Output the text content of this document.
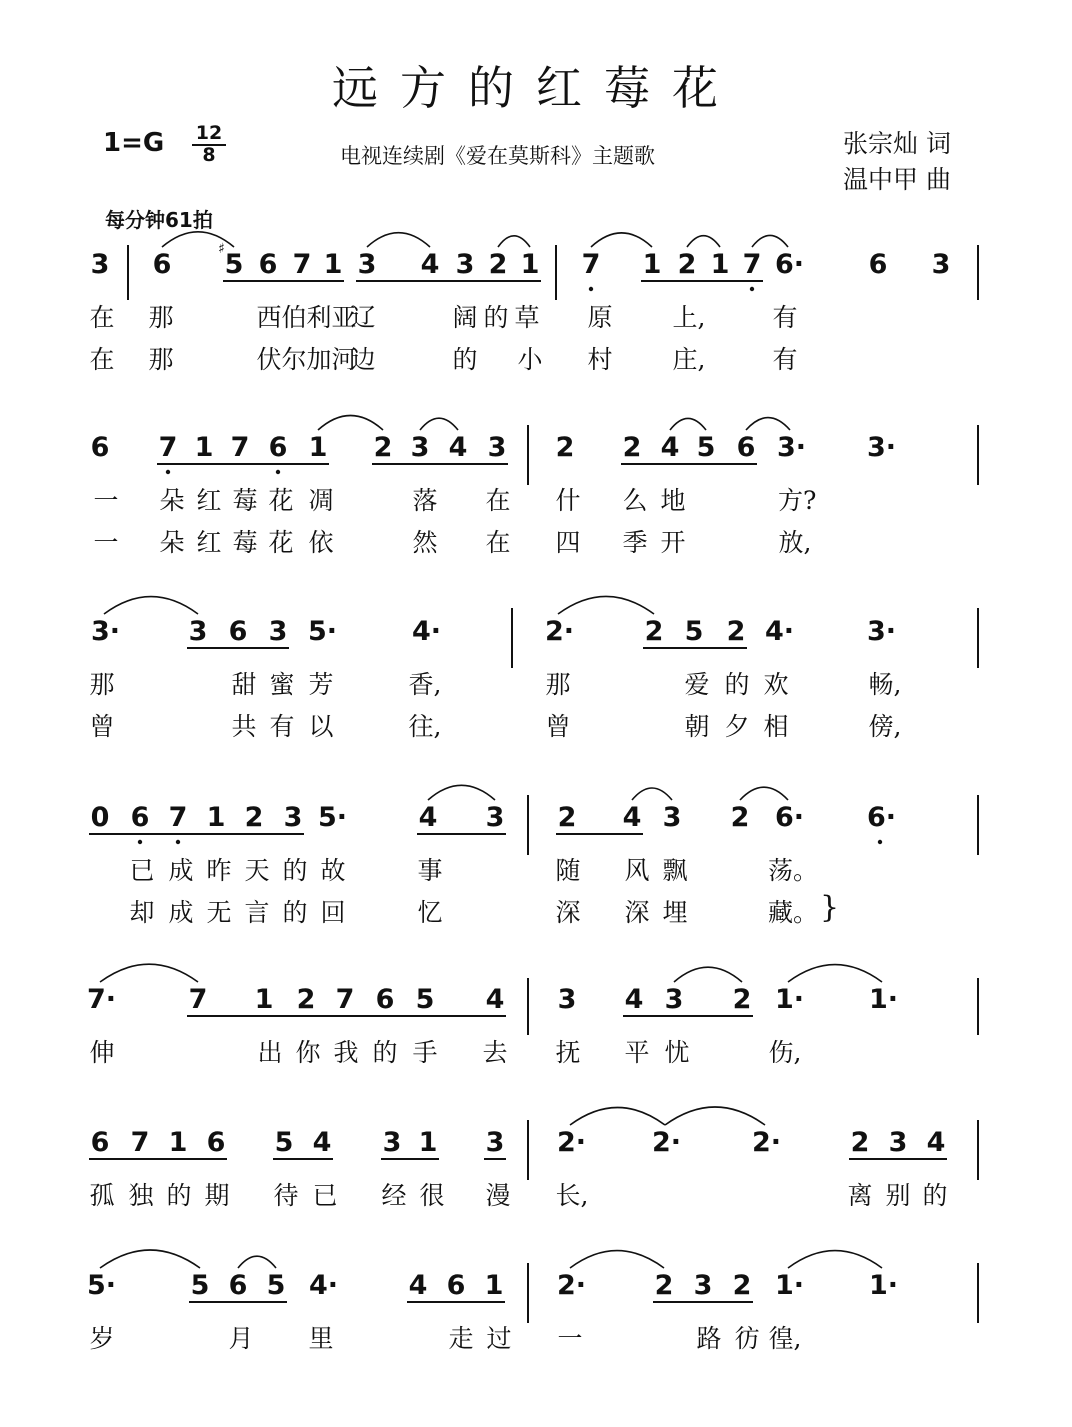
远方的红莓花
1=G 12
8	电视连续剧《爱在莫斯科》主题歌	张宗灿 词
温中甲 曲
每分钟61拍
3 6 5 6 7 1 3 4 3 2 1 7 1 2 1 7 6· 6 3
♯
在 那	西 伯 利 亚
辽	阔 的 草 原 上,	有
在 那	伏 尔 加 河
边	的 小 村 庄,	有
6 7 1 7 6 1 2 3 4 3 2 2 4 5 6 3· 3·
一 朵 红 莓 花 凋	落 在 什 么 地	方?
一 朵 红 莓 花 依	然 在 四 季 开	放,
3·	3 6 3 5·	4·	2·	2 5 2 4·	3·
那	甜 蜜 芳	香,	那	爱 的 欢	畅,
曾	共 有 以	往,	曾	朝 夕 相	傍,
0 6 7 1 2 3 5·	4 3 2 4 3 2 6· 6·
已 成 昨 天 的 故	事	随 风 飘	荡。
却 成 无 言 的 回	忆	深 深 埋	藏。 }
7·	7 1 2 7 6 5 4 3 4 3 2 1· 1·
伸	出 你 我 的 手 去 抚 平 忧	伤,
6 7 1 6 5 4 3 1 3 2· 2·	2·	2 3 4
孤 独 的 期 待 已 经 很 漫 长,	离 别 的
5·	5 6 5 4·	4 6 1 2·	2 3 2 1· 1·
岁	月 里	走 过 一	路 彷 徨,
